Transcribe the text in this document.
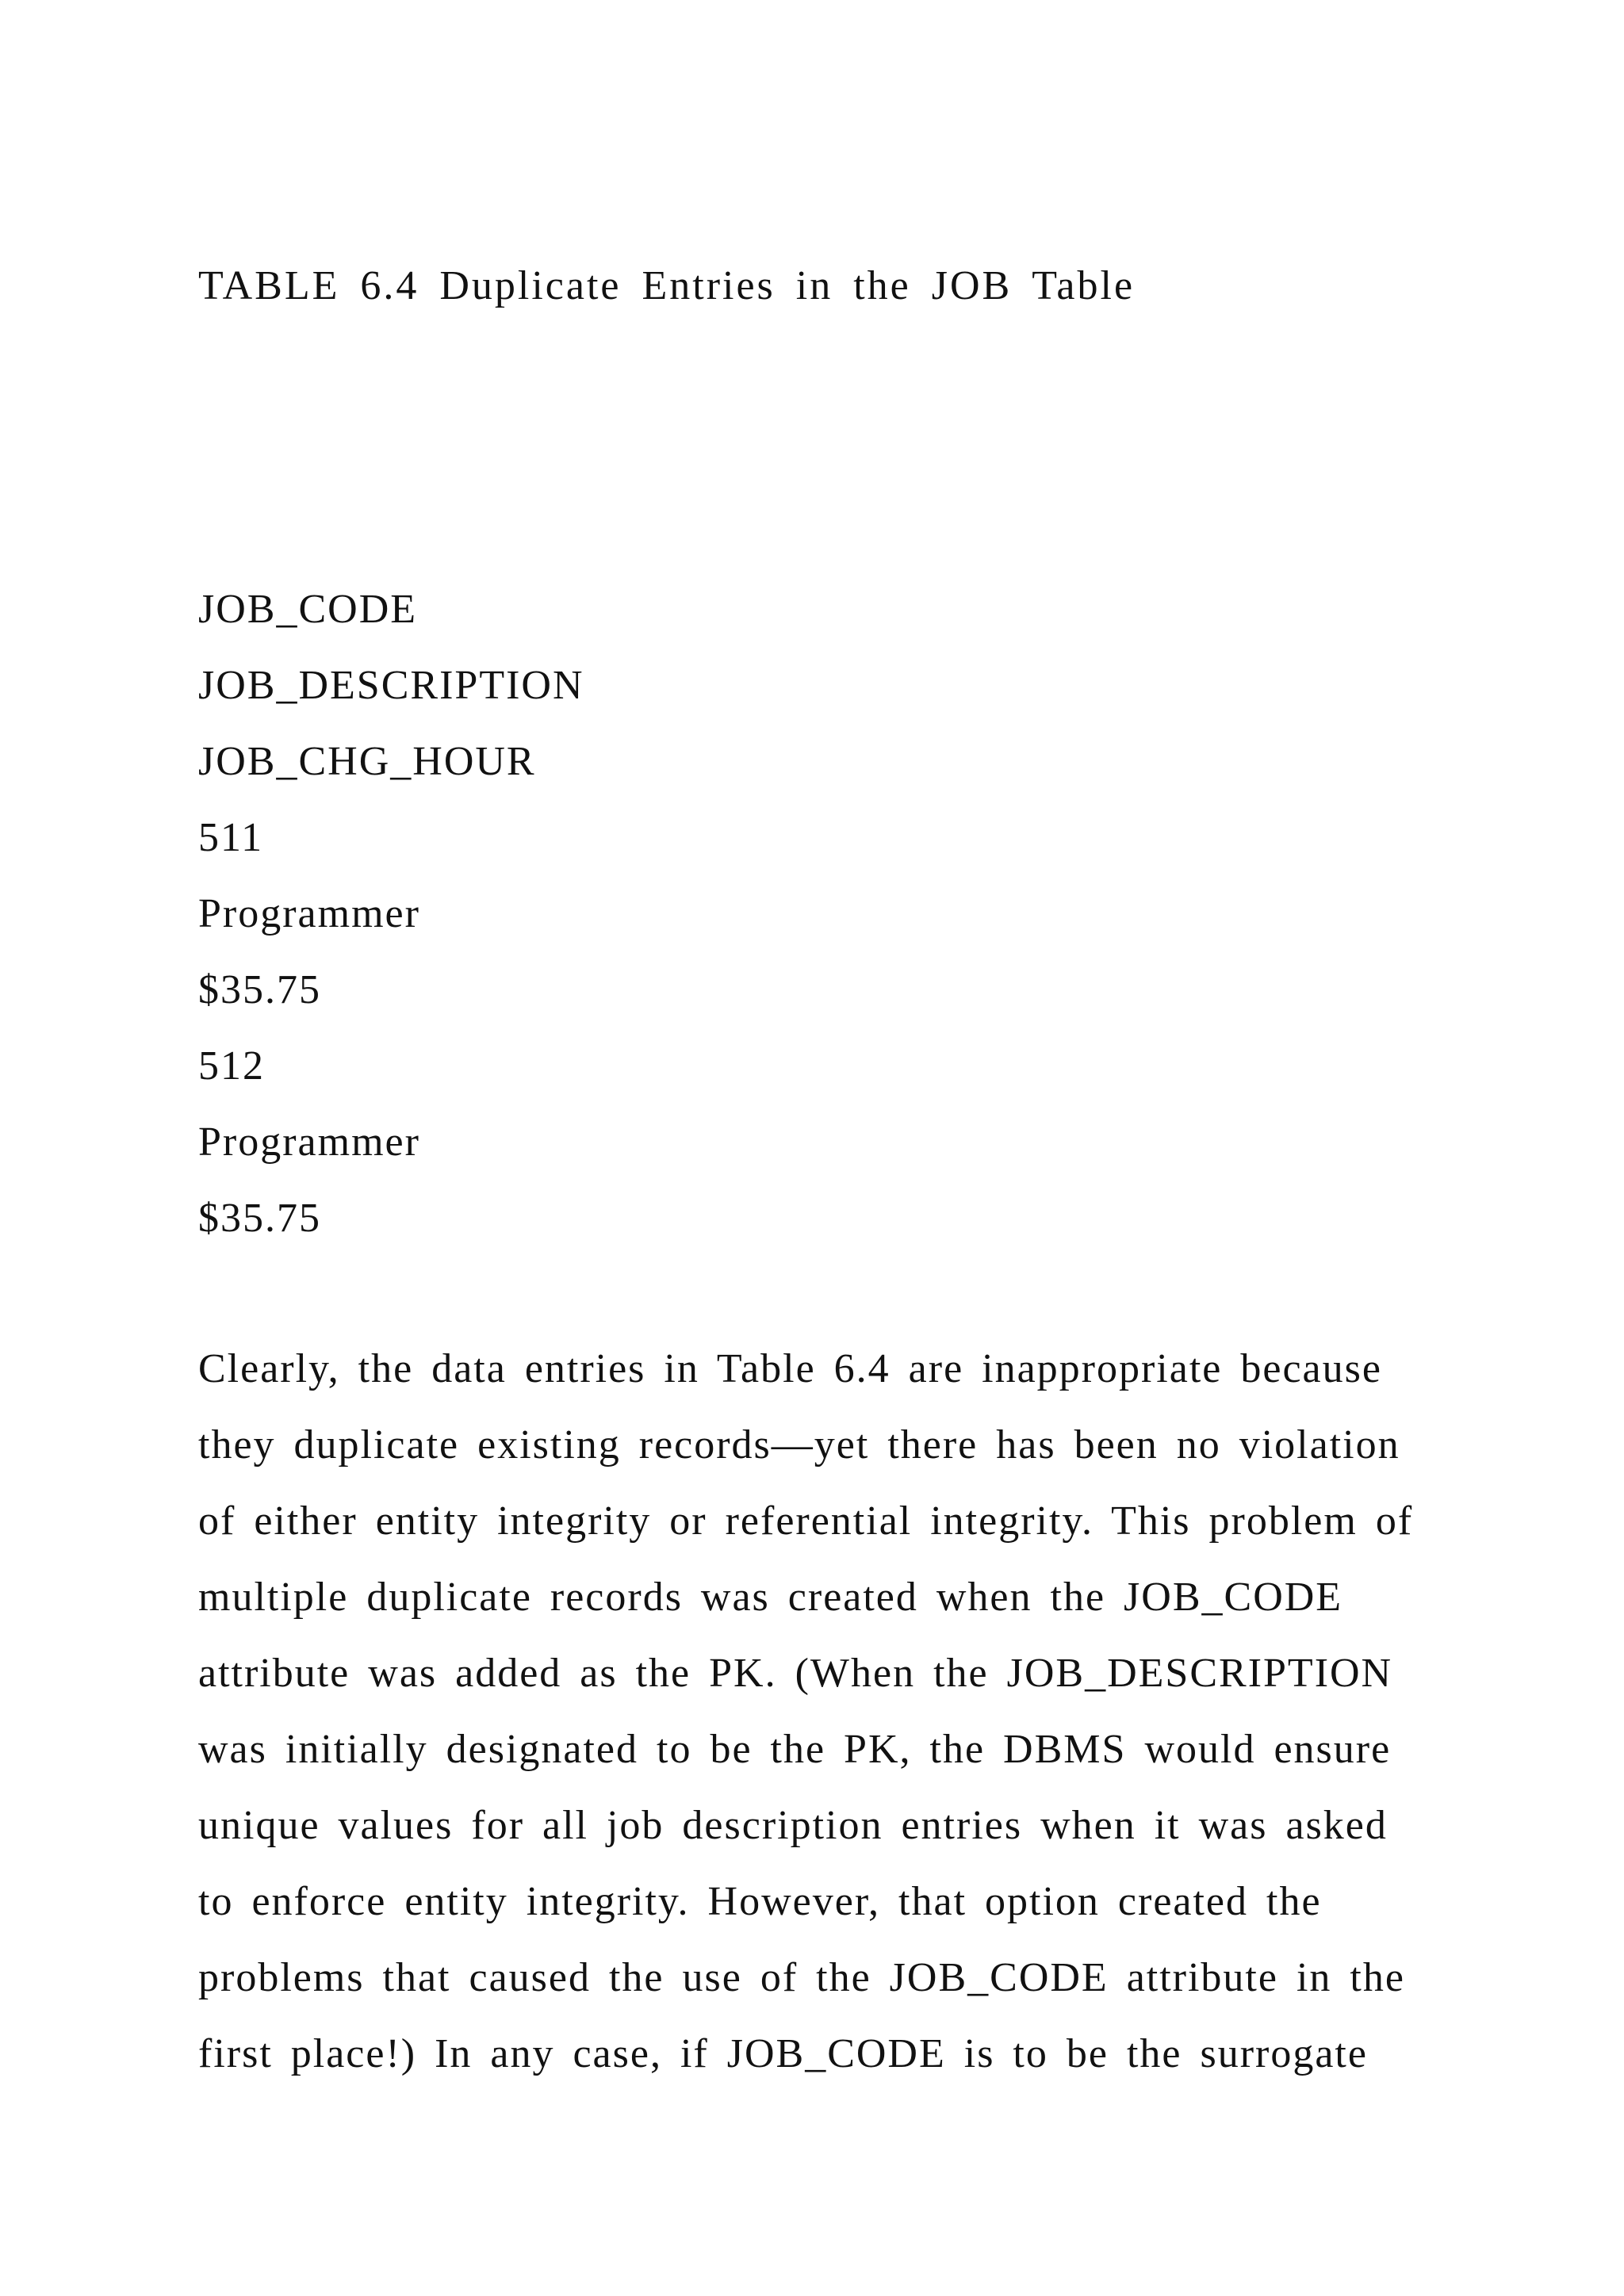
TABLE 6.4 Duplicate Entries in the JOB Table
JOB_CODE
JOB_DESCRIPTION
JOB_CHG_HOUR
511
Programmer
$35.75
512
Programmer
$35.75
Clearly, the data entries in Table 6.4 are inappropriate because
they duplicate existing records—yet there has been no violation
of either entity integrity or referential integrity. This problem of
multiple duplicate records was created when the JOB_CODE
attribute was added as the PK. (When the JOB_DESCRIPTION
was initially designated to be the PK, the DBMS would ensure
unique values for all job description entries when it was asked
to enforce entity integrity. However, that option created the
problems that caused the use of the JOB_CODE attribute in the
first place!) In any case, if JOB_CODE is to be the surrogate
